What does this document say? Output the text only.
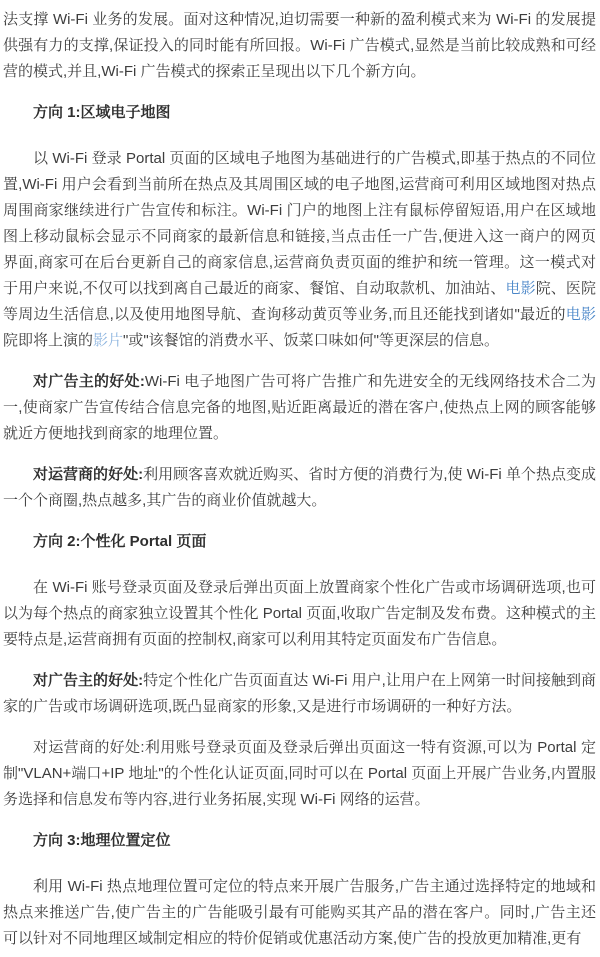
法支撑 Wi-Fi 业务的发展。面对这种情况,迫切需要一种新的盈利模式来为 Wi-Fi 的发展提供强有力的支撑,保证投入的同时能有所回报。Wi-Fi 广告模式,显然是当前比较成熟和可经营的模式,并且,Wi-Fi 广告模式的探索正呈现出以下几个新方向。

方向 1:区域电子地图

以 Wi-Fi 登录 Portal 页面的区域电子地图为基础进行的广告模式,即基于热点的不同位置,Wi-Fi 用户会看到当前所在热点及其周围区域的电子地图,运营商可利用区域地图对热点周围商家继续进行广告宣传和标注。Wi-Fi 门户的地图上注有鼠标停留短语,用户在区域地图上移动鼠标会显示不同商家的最新信息和链接,当点击任一广告,便进入这一商户的网页界面,商家可在后台更新自己的商家信息,运营商负责页面的维护和统一管理。这一模式对于用户来说,不仅可以找到离自己最近的商家、餐馆、自动取款机、加油站、电影院、医院等周边生活信息,以及使用地图导航、查询移动黄页等业务,而且还能找到诸如"最近的电影院即将上演的影片"或"该餐馆的消费水平、饭菜口味如何"等更深层的信息。

对广告主的好处:Wi-Fi 电子地图广告可将广告推广和先进安全的无线网络技术合二为一,使商家广告宣传结合信息完备的地图,贴近距离最近的潜在客户,使热点上网的顾客能够就近方便地找到商家的地理位置。

对运营商的好处:利用顾客喜欢就近购买、省时方便的消费行为,使 Wi-Fi 单个热点变成一个个商圈,热点越多,其广告的商业价值就越大。

方向 2:个性化 Portal 页面

在 Wi-Fi 账号登录页面及登录后弹出页面上放置商家个性化广告或市场调研选项,也可以为每个热点的商家独立设置其个性化 Portal 页面,收取广告定制及发布费。这种模式的主要特点是,运营商拥有页面的控制权,商家可以利用其特定页面发布广告信息。

对广告主的好处:特定个性化广告页面直达 Wi-Fi 用户,让用户在上网第一时间接触到商家的广告或市场调研选项,既凸显商家的形象,又是进行市场调研的一种好方法。

对运营商的好处:利用账号登录页面及登录后弹出页面这一特有资源,可以为 Portal 定制"VLAN+端口+IP 地址"的个性化认证页面,同时可以在 Portal 页面上开展广告业务,内置服务选择和信息发布等内容,进行业务拓展,实现 Wi-Fi 网络的运营。

方向 3:地理位置定位

利用 Wi-Fi 热点地理位置可定位的特点来开展广告服务,广告主通过选择特定的地域和热点来推送广告,使广告主的广告能吸引最有可能购买其产品的潜在客户。同时,广告主还可以针对不同地理区域制定相应的特价促销或优惠活动方案,使广告的投放更加精准,更有
